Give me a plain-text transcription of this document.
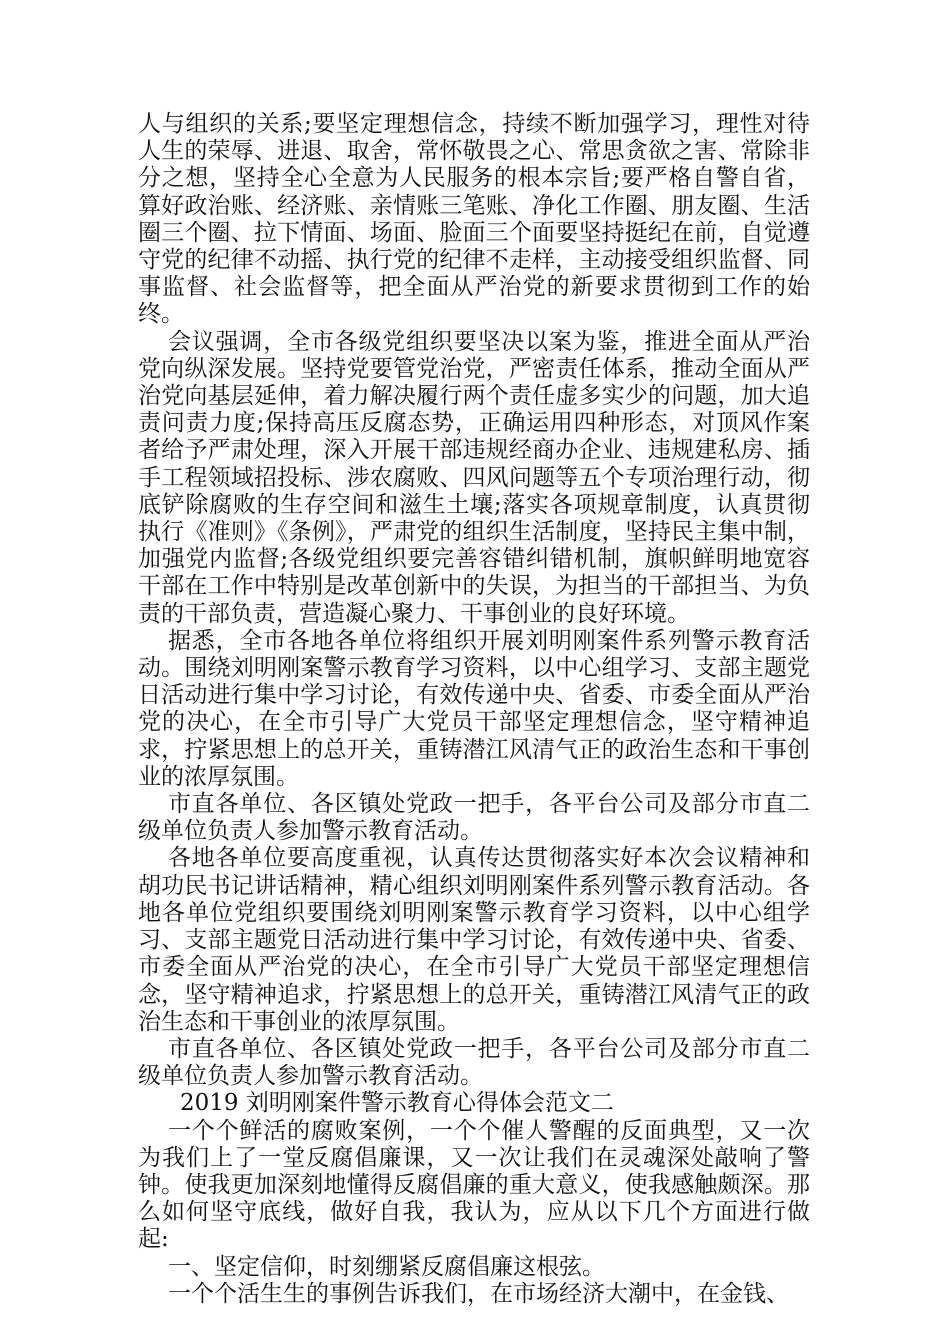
人与组织的关系;要坚定理想信念，持续不断加强学习，理性对待人生的荣辱、进退、取舍，常怀敬畏之心、常思贪欲之害、常除非分之想，坚持全心全意为人民服务的根本宗旨;要严格自警自省，算好政治账、经济账、亲情账三笔账、净化工作圈、朋友圈、生活圈三个圈、拉下情面、场面、脸面三个面要坚持挺纪在前，自觉遵守党的纪律不动摇、执行党的纪律不走样，主动接受组织监督、同事监督、社会监督等，把全面从严治党的新要求贯彻到工作的始终。

会议强调，全市各级党组织要坚决以案为鉴，推进全面从严治党向纵深发展。坚持党要管党治党，严密责任体系，推动全面从严治党向基层延伸，着力解决履行两个责任虚多实少的问题，加大追责问责力度;保持高压反腐态势，正确运用四种形态，对顶风作案者给予严肃处理，深入开展干部违规经商办企业、违规建私房、插手工程领域招投标、涉农腐败、四风问题等五个专项治理行动，彻底铲除腐败的生存空间和滋生土壤;落实各项规章制度，认真贯彻执行《准则》《条例》，严肃党的组织生活制度，坚持民主集中制，加强党内监督;各级党组织要完善容错纠错机制，旗帜鲜明地宽容干部在工作中特别是改革创新中的失误，为担当的干部担当、为负责的干部负责，营造凝心聚力、干事创业的良好环境。

据悉，全市各地各单位将组织开展刘明刚案件系列警示教育活动。围绕刘明刚案警示教育学习资料，以中心组学习、支部主题党日活动进行集中学习讨论，有效传递中央、省委、市委全面从严治党的决心，在全市引导广大党员干部坚定理想信念，坚守精神追求，拧紧思想上的总开关，重铸潜江风清气正的政治生态和干事创业的浓厚氛围。

市直各单位、各区镇处党政一把手，各平台公司及部分市直二级单位负责人参加警示教育活动。

各地各单位要高度重视，认真传达贯彻落实好本次会议精神和胡功民书记讲话精神，精心组织刘明刚案件系列警示教育活动。各地各单位党组织要围绕刘明刚案警示教育学习资料，以中心组学习、支部主题党日活动进行集中学习讨论，有效传递中央、省委、市委全面从严治党的决心，在全市引导广大党员干部坚定理想信念，坚守精神追求，拧紧思想上的总开关，重铸潜江风清气正的政治生态和干事创业的浓厚氛围。

市直各单位、各区镇处党政一把手，各平台公司及部分市直二级单位负责人参加警示教育活动。

2019 刘明刚案件警示教育心得体会范文二

一个个鲜活的腐败案例，一个个催人警醒的反面典型，又一次为我们上了一堂反腐倡廉课，又一次让我们在灵魂深处敲响了警钟。使我更加深刻地懂得反腐倡廉的重大意义，使我感触颇深。那么如何坚守底线，做好自我，我认为，应从以下几个方面进行做起:

一、坚定信仰，时刻绷紧反腐倡廉这根弦。

一个个活生生的事例告诉我们，在市场经济大潮中，在金钱、
